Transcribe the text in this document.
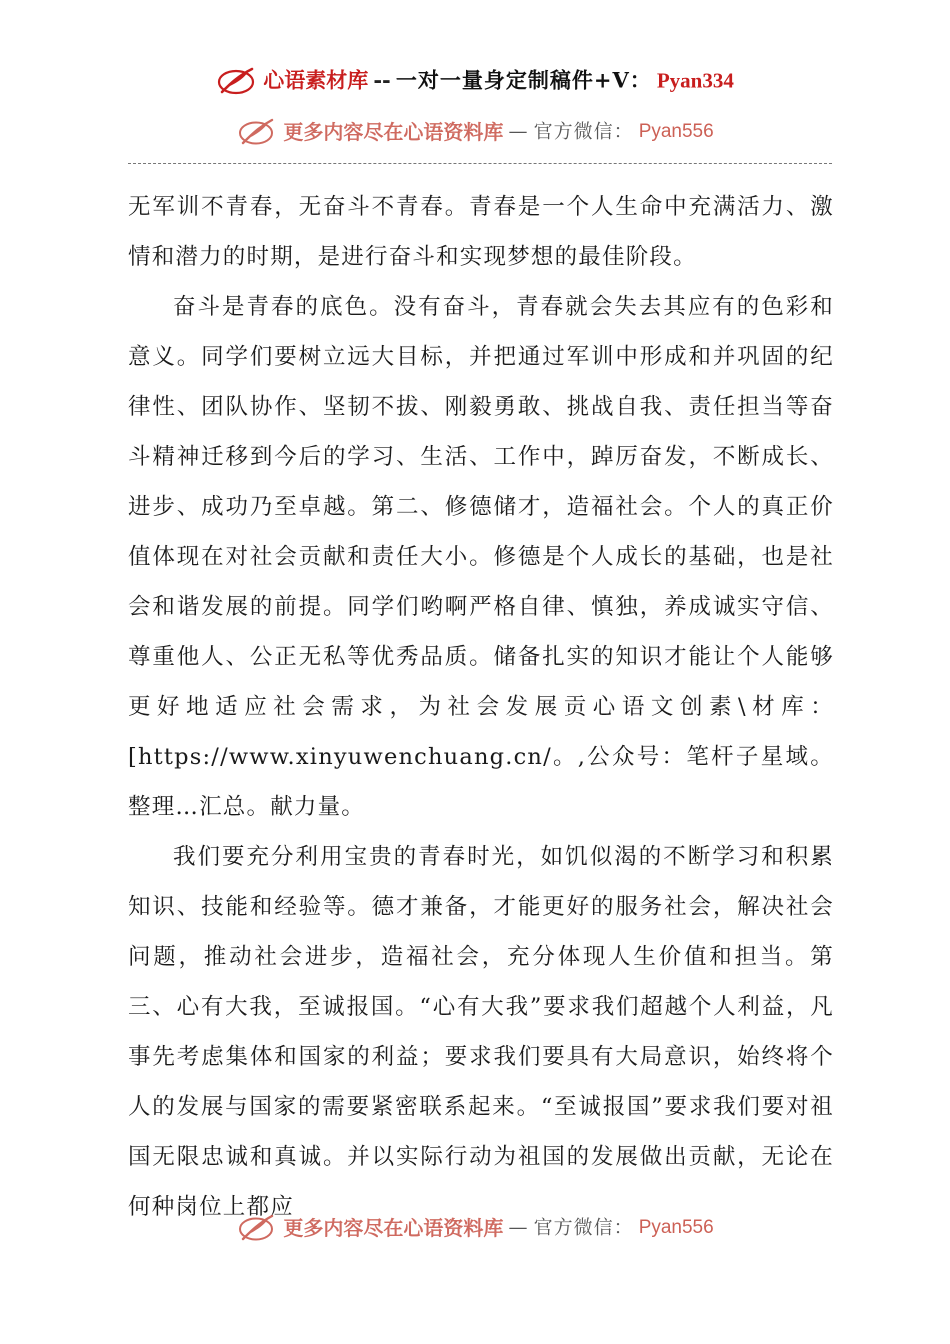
心语素材库 -- 一对一量身定制稿件+V： Pyan334
更多内容尽在心语资料库 — 官方微信： Pyan556

无军训不青春，无奋斗不青春。青春是一个人生命中充满活力、激情和潜力的时期，是进行奋斗和实现梦想的最佳阶段。

奋斗是青春的底色。没有奋斗，青春就会失去其应有的色彩和意义。同学们要树立远大目标，并把通过军训中形成和并巩固的纪律性、团队协作、坚韧不拔、刚毅勇敢、挑战自我、责任担当等奋斗精神迁移到今后的学习、生活、工作中，踔厉奋发，不断成长、进步、成功乃至卓越。第二、修德储才，造福社会。个人的真正价值体现在对社会贡献和责任大小。修德是个人成长的基础，也是社会和谐发展的前提。同学们哟啊严格自律、慎独，养成诚实守信、尊重他人、公正无私等优秀品质。储备扎实的知识才能让个人能够更好地适应社会需求，为社会发展贡心语文创素\材库：[https://www.xinyuwenchuang.cn/。,公众号：笔杆子星域。整理…汇总。献力量。

我们要充分利用宝贵的青春时光，如饥似渴的不断学习和积累知识、技能和经验等。德才兼备，才能更好的服务社会，解决社会问题，推动社会进步，造福社会，充分体现人生价值和担当。第三、心有大我，至诚报国。“心有大我”要求我们超越个人利益，凡事先考虑集体和国家的利益；要求我们要具有大局意识，始终将个人的发展与国家的需要紧密联系起来。“至诚报国”要求我们要对祖国无限忠诚和真诚。并以实际行动为祖国的发展做出贡献，无论在何种岗位上都应

更多内容尽在心语资料库 — 官方微信： Pyan556
